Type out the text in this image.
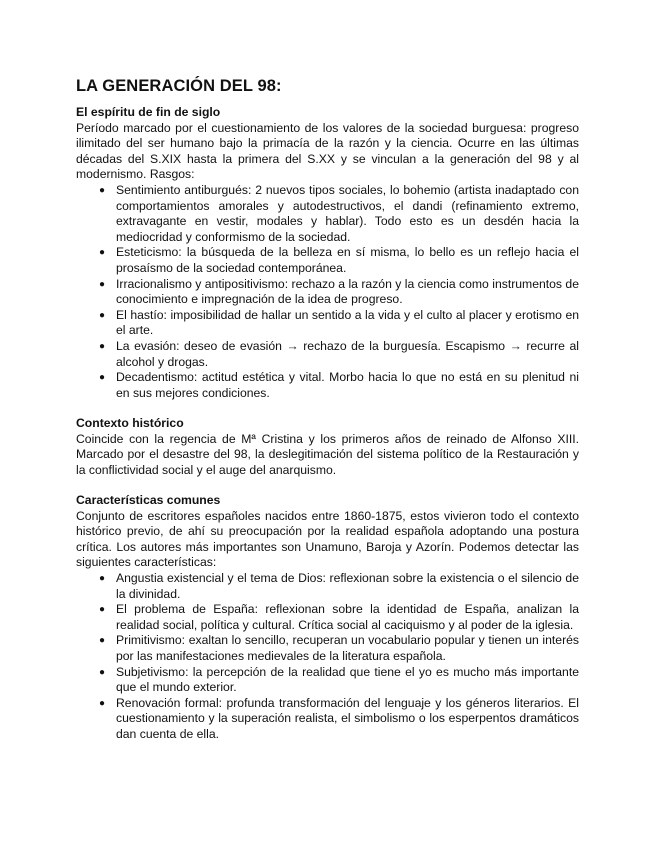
LA GENERACIÓN DEL 98:

El espíritu de fin de siglo

Período marcado por el cuestionamiento de los valores de la sociedad burguesa: progreso ilimitado del ser humano bajo la primacía de la razón y la ciencia. Ocurre en las últimas décadas del S.XIX hasta la primera del S.XX y se vinculan a la generación del 98 y al modernismo. Rasgos:

● Sentimiento antiburgués: 2 nuevos tipos sociales, lo bohemio (artista inadaptado con comportamientos amorales y autodestructivos, el dandi (refinamiento extremo, extravagante en vestir, modales y hablar). Todo esto es un desdén hacia la mediocridad y conformismo de la sociedad.
● Esteticismo: la búsqueda de la belleza en sí misma, lo bello es un reflejo hacia el prosaísmo de la sociedad contemporánea.
● Irracionalismo y antipositivismo: rechazo a la razón y la ciencia como instrumentos de conocimiento e impregnación de la idea de progreso.
● El hastío: imposibilidad de hallar un sentido a la vida y el culto al placer y erotismo en el arte.
● La evasión: deseo de evasión → rechazo de la burguesía. Escapismo → recurre al alcohol y drogas.
● Decadentismo: actitud estética y vital. Morbo hacia lo que no está en su plenitud ni en sus mejores condiciones.

Contexto histórico

Coincide con la regencia de Mª Cristina y los primeros años de reinado de Alfonso XIII. Marcado por el desastre del 98, la deslegitimación del sistema político de la Restauración y la conflictividad social y el auge del anarquismo.

Características comunes

Conjunto de escritores españoles nacidos entre 1860-1875, estos vivieron todo el contexto histórico previo, de ahí su preocupación por la realidad española adoptando una postura crítica. Los autores más importantes son Unamuno, Baroja y Azorín. Podemos detectar las siguientes características:

● Angustia existencial y el tema de Dios: reflexionan sobre la existencia o el silencio de la divinidad.
● El problema de España: reflexionan sobre la identidad de España, analizan la realidad social, política y cultural. Crítica social al caciquismo y al poder de la iglesia.
● Primitivismo: exaltan lo sencillo, recuperan un vocabulario popular y tienen un interés por las manifestaciones medievales de la literatura española.
● Subjetivismo: la percepción de la realidad que tiene el yo es mucho más importante que el mundo exterior.
● Renovación formal: profunda transformación del lenguaje y los géneros literarios. El cuestionamiento y la superación realista, el simbolismo o los esperpentos dramáticos dan cuenta de ella.
